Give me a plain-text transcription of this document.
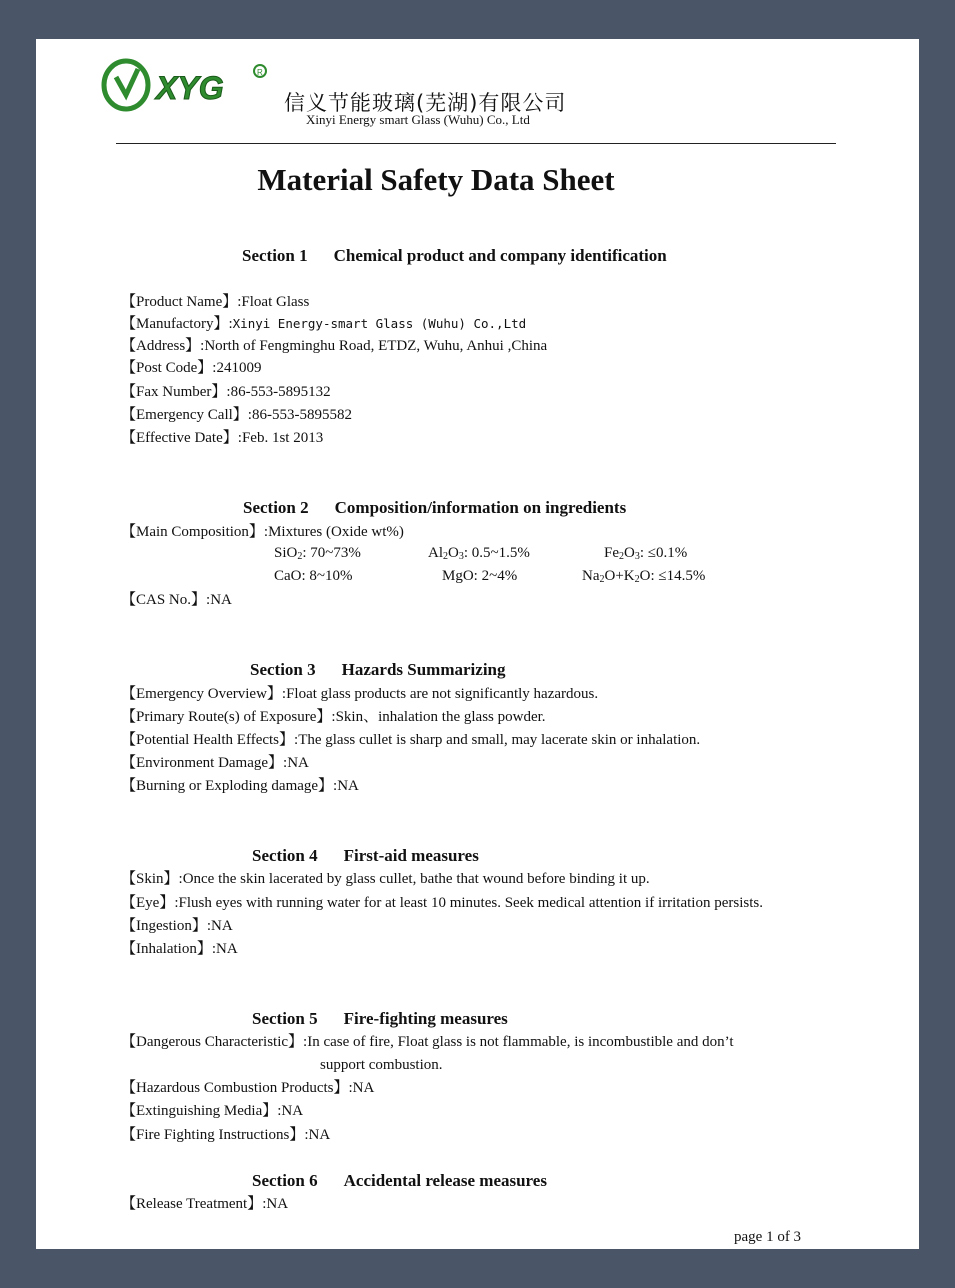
XYG	R
信义节能玻璃(芜湖)有限公司
Xinyi Energy smart Glass (Wuhu) Co., Ltd
Material Safety Data Sheet
Section 1 Chemical product and company identification
【Product Name】:Float Glass
【Manufactory】:Xinyi Energy-smart Glass (Wuhu) Co.,Ltd
【Address】:North of Fengminghu Road, ETDZ, Wuhu, Anhui ,China
【Post Code】:241009
【Fax Number】:86-553-5895132
【Emergency Call】:86-553-5895582
【Effective Date】:Feb. 1st 2013
Section 2 Composition/information on ingredients
【Main Composition】:Mixtures (Oxide wt%)
SiO$_2$: 70~73%	$Al_2O_3$: 0.5~1.5%	$Fe_2O_3$: ≤0.1%
CaO: 8~10%	MgO: 2~4%	$Na_2O+K_2O$: ≤14.5%
【CAS No.】:NA
Section 3 Hazards Summarizing
【Emergency Overview】:Float glass products are not significantly hazardous.
【Primary Route(s) of Exposure】:Skin、inhalation the glass powder.
【Potential Health Effects】:The glass cullet is sharp and small, may lacerate skin or inhalation.
【Environment Damage】:NA
【Burning or Exploding damage】:NA
Section 4 First-aid measures
【Skin】:Once the skin lacerated by glass cullet, bathe that wound before binding it up.
【Eye】:Flush eyes with running water for at least 10 minutes. Seek medical attention if irritation persists.
【Ingestion】:NA
【Inhalation】:NA
Section 5 Fire-fighting measures
【Dangerous Characteristic】:In case of fire, Float glass is not flammable, is incombustible and don’t
support combustion.
【Hazardous Combustion Products】:NA
【Extinguishing Media】:NA
【Fire Fighting Instructions】:NA
Section 6 Accidental release measures
【Release Treatment】:NA
page 1 of 3
